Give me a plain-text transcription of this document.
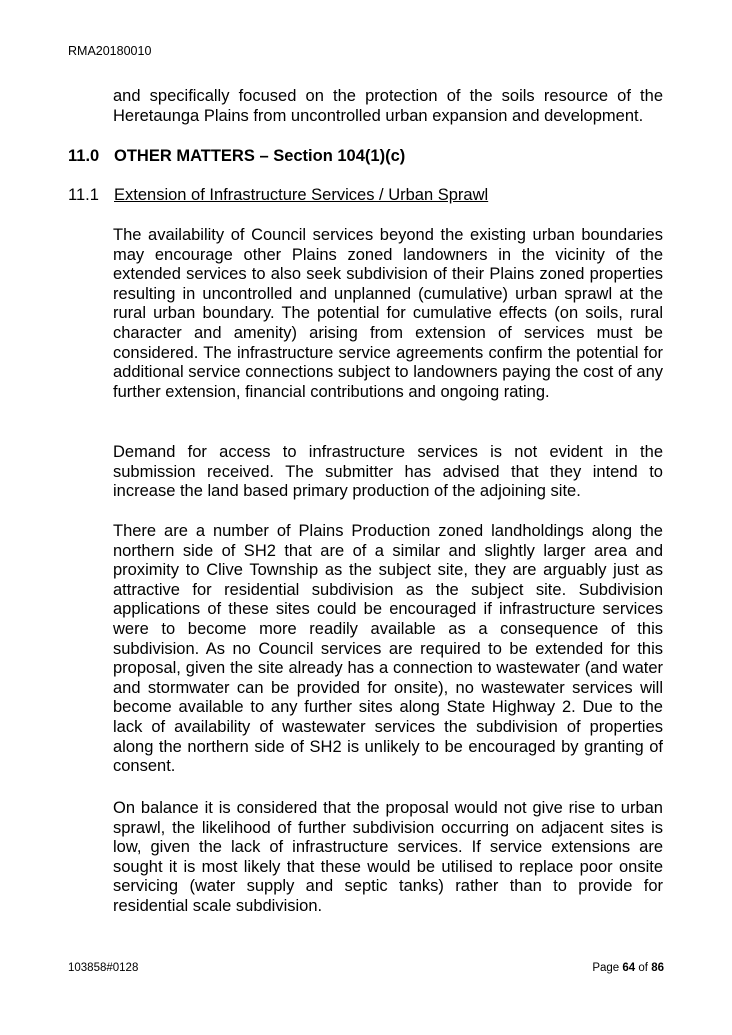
RMA20180010
and specifically focused on the protection of the soils resource of the Heretaunga Plains from uncontrolled urban expansion and development.
11.0 OTHER MATTERS – Section 104(1)(c)
11.1 Extension of Infrastructure Services / Urban Sprawl
The availability of Council services beyond the existing urban boundaries may encourage other Plains zoned landowners in the vicinity of the extended services to also seek subdivision of their Plains zoned properties resulting in uncontrolled and unplanned (cumulative) urban sprawl at the rural urban boundary. The potential for cumulative effects (on soils, rural character and amenity) arising from extension of services must be considered. The infrastructure service agreements confirm the potential for additional service connections subject to landowners paying the cost of any further extension, financial contributions and ongoing rating.
Demand for access to infrastructure services is not evident in the submission received. The submitter has advised that they intend to increase the land based primary production of the adjoining site.
There are a number of Plains Production zoned landholdings along the northern side of SH2 that are of a similar and slightly larger area and proximity to Clive Township as the subject site, they are arguably just as attractive for residential subdivision as the subject site. Subdivision applications of these sites could be encouraged if infrastructure services were to become more readily available as a consequence of this subdivision. As no Council services are required to be extended for this proposal, given the site already has a connection to wastewater (and water and stormwater can be provided for onsite), no wastewater services will become available to any further sites along State Highway 2. Due to the lack of availability of wastewater services the subdivision of properties along the northern side of SH2 is unlikely to be encouraged by granting of consent.
On balance it is considered that the proposal would not give rise to urban sprawl, the likelihood of further subdivision occurring on adjacent sites is low, given the lack of infrastructure services. If service extensions are sought it is most likely that these would be utilised to replace poor onsite servicing (water supply and septic tanks) rather than to provide for residential scale subdivision.
103858#0128	Page 64 of 86
